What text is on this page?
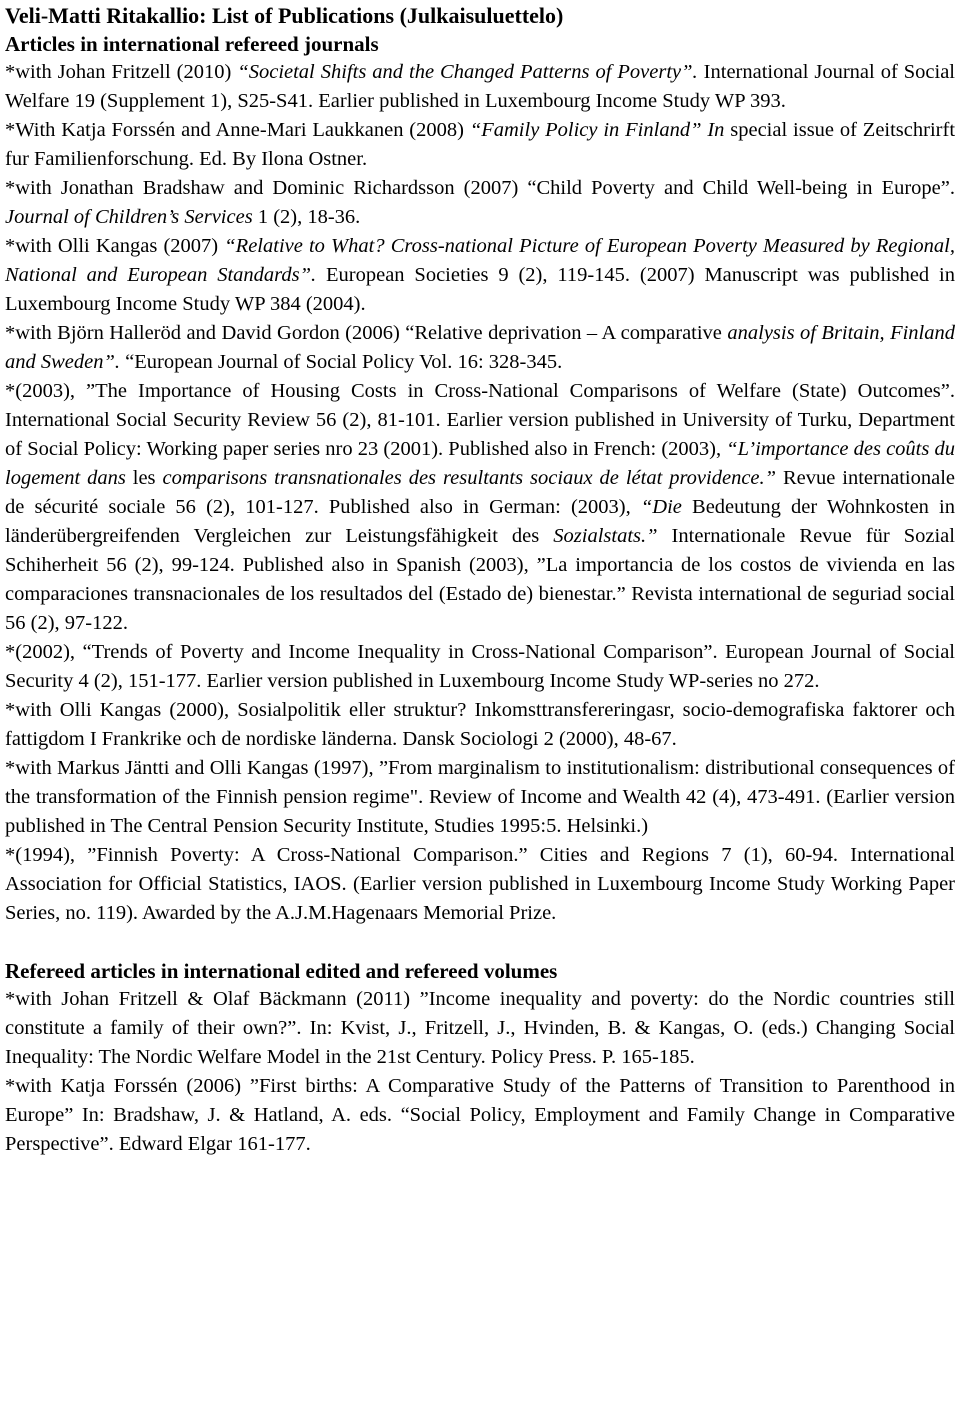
Veli-Matti Ritakallio: List of Publications (Julkaisuluettelo)
Articles in international refereed journals

*with Johan Fritzell (2010) “Societal Shifts and the Changed Patterns of Poverty”. International Journal of Social Welfare 19 (Supplement 1), S25-S41. Earlier published in Luxembourg Income Study WP 393.

*With Katja Forssén and Anne-Mari Laukkanen (2008) “Family Policy in Finland” In special issue of Zeitschrirft fur Familienforschung. Ed. By Ilona Ostner.

*with Jonathan Bradshaw and Dominic Richardsson (2007) “Child Poverty and Child Well-being in Europe”. Journal of Children’s Services 1 (2), 18-36.

*with Olli Kangas (2007) “Relative to What? Cross-national Picture of European Poverty Measured by Regional, National and European Standards”. European Societies 9 (2), 119-145. (2007) Manuscript was published in Luxembourg Income Study WP 384 (2004).

*with Björn Halleröd and David Gordon (2006) “Relative deprivation – A comparative analysis of Britain, Finland and Sweden”. “European Journal of Social Policy Vol. 16: 328-345.

*(2003), ”The Importance of Housing Costs in Cross-National Comparisons of Welfare (State) Outcomes”. International Social Security Review 56 (2), 81-101. Earlier version published in University of Turku, Department of Social Policy: Working paper series nro 23 (2001). Published also in French: (2003), “L’importance des coûts du logement dans les comparisons transnationales des resultants sociaux de létat providence.” Revue internationale de sécurité sociale 56 (2), 101-127. Published also in German: (2003), “Die Bedeutung der Wohnkosten in länderübergreifenden Vergleichen zur Leistungsfähigkeit des Sozialstats.” Internationale Revue für Sozial Schiherheit 56 (2), 99-124. Published also in Spanish (2003), ”La importancia de los costos de vivienda en las comparaciones transnacionales de los resultados del (Estado de) bienestar.” Revista international de seguriad social 56 (2), 97-122.

*(2002), “Trends of Poverty and Income Inequality in Cross-National Comparison”. European Journal of Social Security 4 (2), 151-177. Earlier version published in Luxembourg Income Study WP-series no 272.

*with Olli Kangas (2000), Sosialpolitik eller struktur? Inkomsttransfereringasr, socio-demografiska faktorer och fattigdom I Frankrike och de nordiske länderna. Dansk Sociologi 2 (2000), 48-67.

*with Markus Jäntti and Olli Kangas (1997), ”From marginalism to institutionalism: distributional consequences of the transformation of the Finnish pension regime". Review of Income and Wealth 42 (4), 473-491. (Earlier version published in The Central Pension Security Institute, Studies 1995:5. Helsinki.)

*(1994), ”Finnish Poverty: A Cross-National Comparison.” Cities and Regions 7 (1), 60-94. International Association for Official Statistics, IAOS. (Earlier version published in Luxembourg Income Study Working Paper Series, no. 119). Awarded by the A.J.M.Hagenaars Memorial Prize.

Refereed articles in international edited and refereed volumes

*with Johan Fritzell & Olaf Bäckmann (2011) ”Income inequality and poverty: do the Nordic countries still constitute a family of their own?”. In: Kvist, J., Fritzell, J., Hvinden, B. & Kangas, O. (eds.) Changing Social Inequality: The Nordic Welfare Model in the 21st Century. Policy Press. P. 165-185.

*with Katja Forssén (2006) ”First births: A Comparative Study of the Patterns of Transition to Parenthood in Europe” In: Bradshaw, J. & Hatland, A. eds. “Social Policy, Employment and Family Change in Comparative Perspective”. Edward Elgar 161-177.
